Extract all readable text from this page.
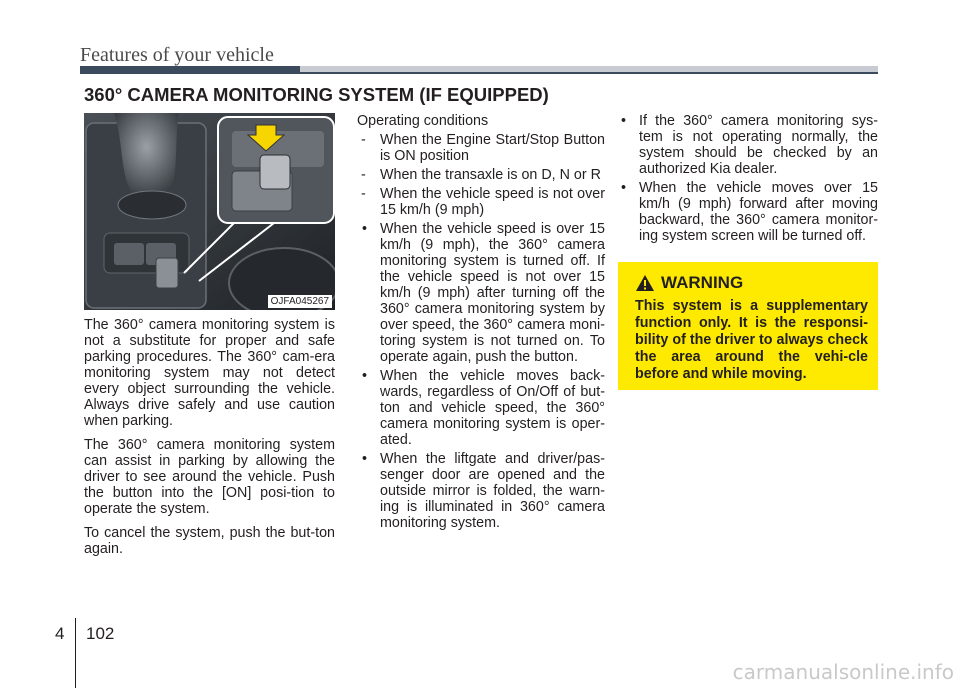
Features of your vehicle
360° CAMERA MONITORING SYSTEM (IF EQUIPPED)
OJFA045267

The 360° camera monitoring system is not a substitute for proper and safe parking procedures. The 360° cam-era monitoring system may not detect every object surrounding the vehicle. Always drive safely and use caution when parking.

The 360° camera monitoring system can assist in parking by allowing the driver to see around the vehicle. Push the button into the [ON] posi-tion to operate the system.

To cancel the system, push the but-ton again.

Operating conditions
- When the Engine Start/Stop Button is ON position
- When the transaxle is on D, N or R
- When the vehicle speed is not over 15 km/h (9 mph)
• When the vehicle speed is over 15 km/h (9 mph), the 360° camera monitoring system is turned off. If the vehicle speed is not over 15 km/h (9 mph) after turning off the 360° camera monitoring system by over speed, the 360° camera moni-toring system is not turned on. To operate again, push the button.
• When the vehicle moves back-wards, regardless of On/Off of but-ton and vehicle speed, the 360° camera monitoring system is oper-ated.
• When the liftgate and driver/pas-senger door are opened and the outside mirror is folded, the warn-ing is illuminated in 360° camera monitoring system.
• If the 360° camera monitoring sys-tem is not operating normally, the system should be checked by an authorized Kia dealer.
• When the vehicle moves over 15 km/h (9 mph) forward after moving backward, the 360° camera monitor-ing system screen will be turned off.
WARNING
This system is a supplementary function only. It is the responsi-bility of the driver to always check the area around the vehi-cle before and while moving.
4 102
carmanualsonline.info
